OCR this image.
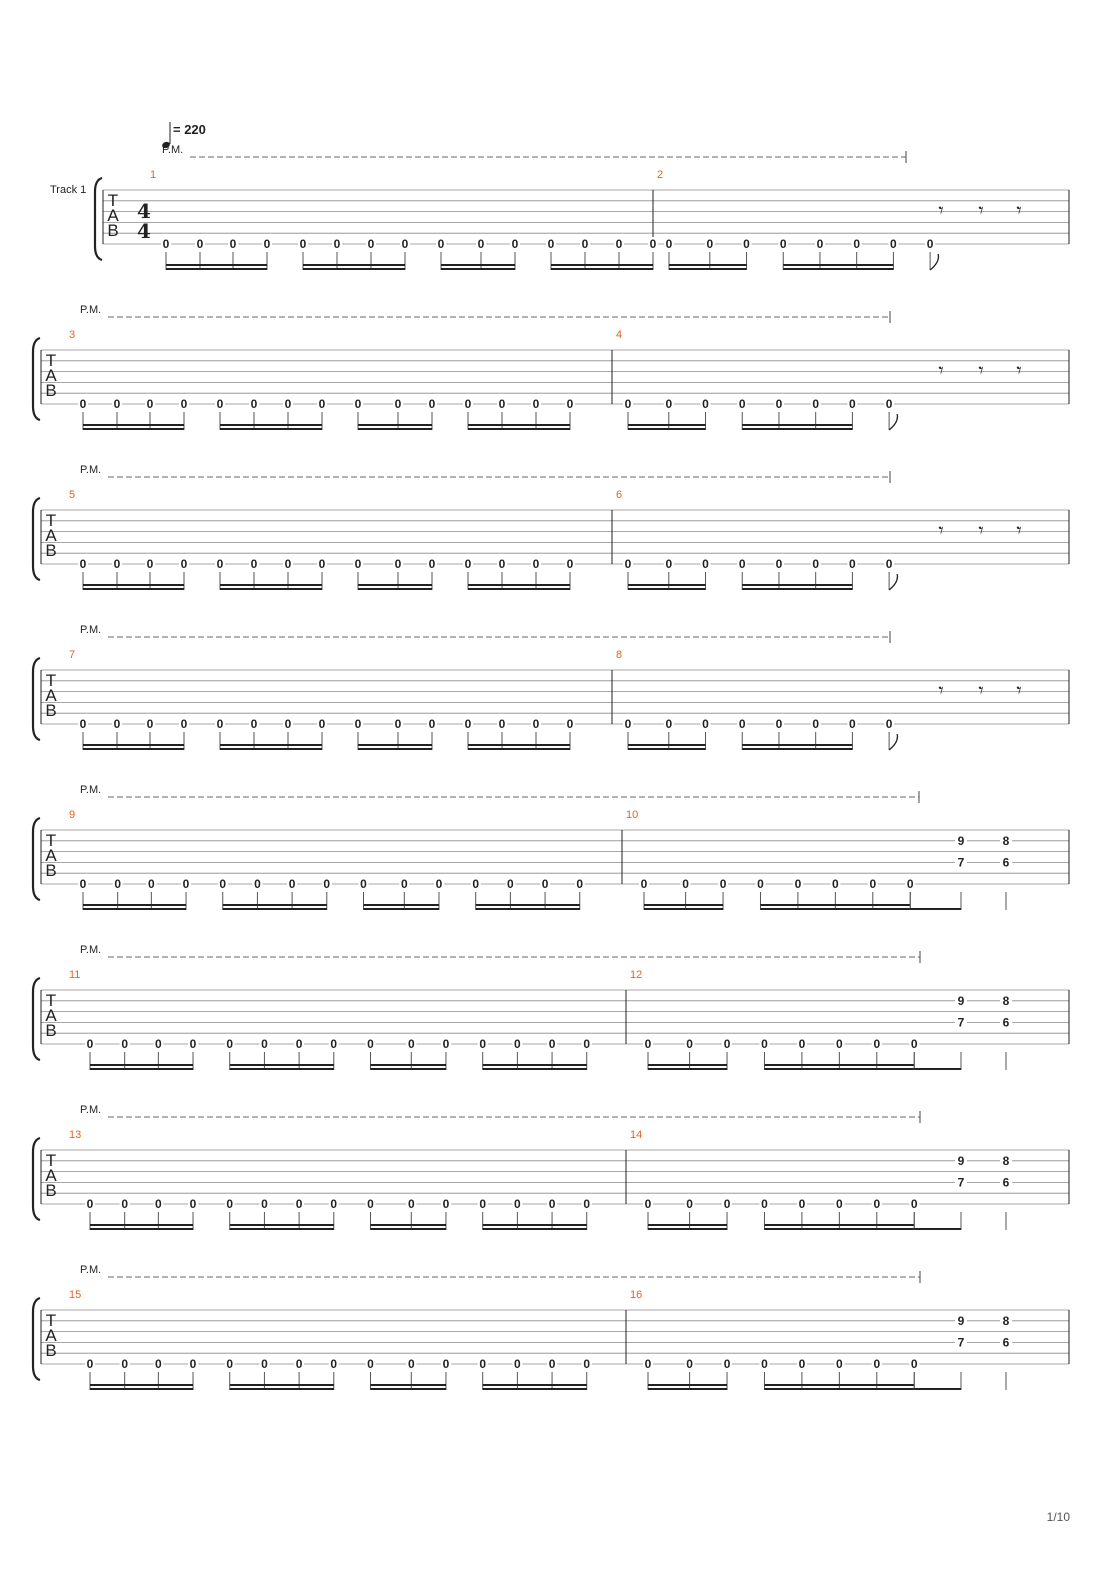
= 220
Track 1
P.M.
T
A
B
4
4
1	2
0 0 0 0 0 0 0 0 0	0 0 0 0 0 0 0	0	0	0	0	0	0	0
𝄾 𝄾 𝄾
P.M.
T
A
B
3	4
0 0 0 0 0 0 0 0 0	0 0 0 0 0 0	0	0	0	0	0	0	0	0
𝄾 𝄾 𝄾
P.M.
T
A
B
5	6
0 0 0 0 0 0 0 0 0	0 0 0 0 0 0	0	0	0	0	0	0	0	0
𝄾 𝄾 𝄾
P.M.
T
A
B
7	8
0 0 0 0 0 0 0 0 0	0 0 0 0 0 0	0	0	0	0	0	0	0	0
𝄾 𝄾 𝄾
P.M.
T
A
B
9	10
0 0 0 0	0 0 0 0	0	0 0	0 0 0 0	0	0	0	0	0	0	0	0
9
7
8
6
P.M.
T
A
B
11	12
0 0 0 0	0 0 0 0	0	0 0	0 0 0 0	0	0	0	0	0	0	0	0
9
7
8
6
P.M.
T
A
B
13	14
0 0 0 0	0 0 0 0	0	0 0	0 0 0 0	0	0	0	0	0	0	0	0
9
7
8
6
P.M.
T
A
B
15	16
0 0 0 0	0 0 0 0	0	0 0	0 0 0 0	0	0	0	0	0	0	0	0
9
7
8
6
1/10
